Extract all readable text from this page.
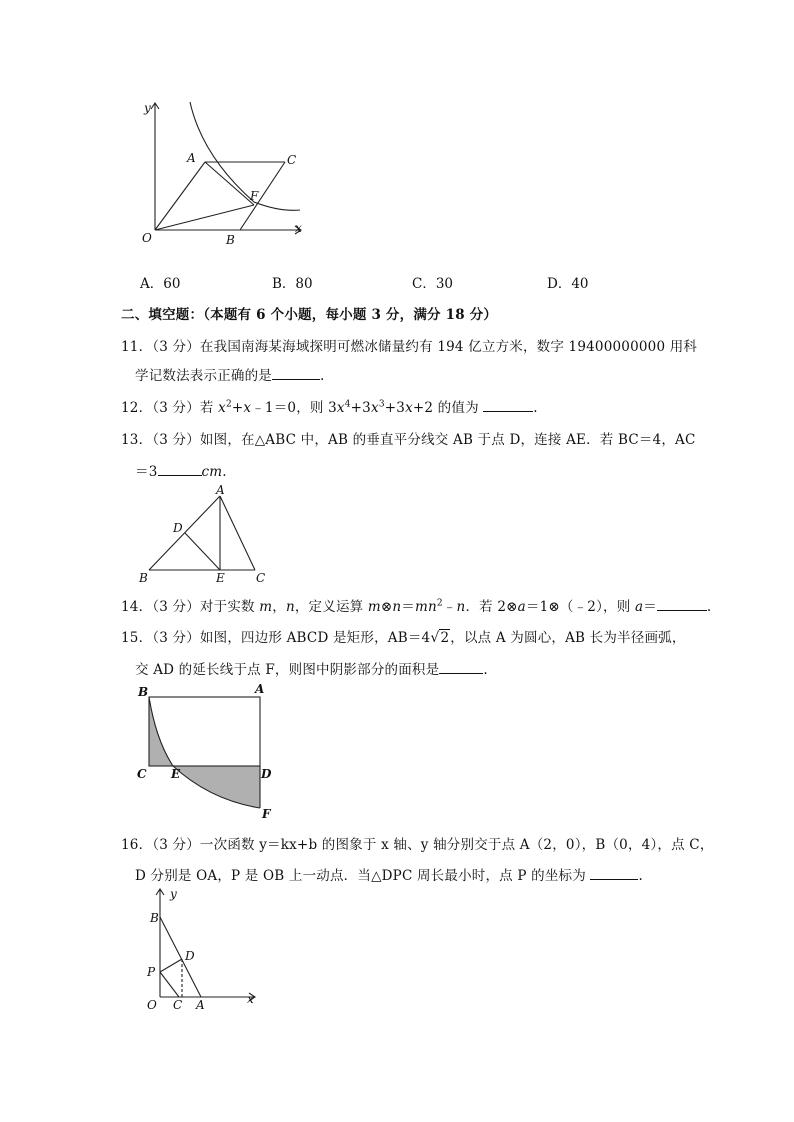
y
x
O
A
B
C
F
A．60	B．80	C．30	D．40
二、填空题：（本题有 6 个小题，每小题 3 分，满分 18 分）
11．（3 分）在我国南海某海域探明可燃冰储量约有 194 亿立方米，数字 19400000000 用科
学记数法表示正确的是	.
12．（3 分）若 $x^2+x﹣1=0$，则 $3x^4+3x^3+3x+2$ 的值为	.
13．（3 分）如图，在△ABC 中，AB 的垂直平分线交 AB 于点 D，连接 AE．若 BC＝4，AC
＝3	cm.
A
B	C
D
E
14．（3 分）对于实数 m，n，定义运算 $m\otimes n=mn^2﹣n$．若 2⊗a＝1⊗（﹣2），则 a＝	.
15．（3 分）如图，四边形 ABCD 是矩形，AB＝4√2，以点 A 为圆心，AB 长为半径画弧，
交 AD 的延长线于点 F，则图中阴影部分的面积是	.
B	A
C E	D
F
16．（3 分）一次函数 y＝kx+b 的图象于 x 轴、y 轴分别交于点 A（2，0），B（0，4），点 C，
D 分别是 OA，P 是 OB 上一动点．当△DPC 周长最小时，点 P 的坐标为	.
y
x
O
B
D
P
C A
